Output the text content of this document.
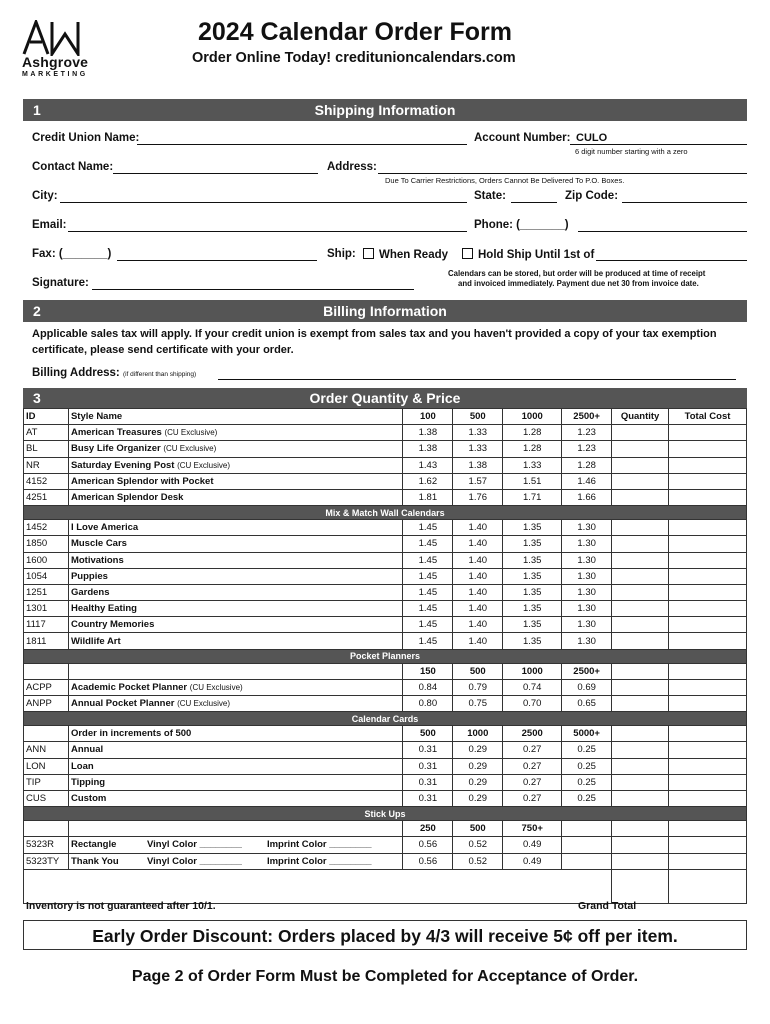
Ashgrove
MARKETING
2024 Calendar Order Form
Order Online Today! creditunioncalendars.com
1	Shipping Information
Credit Union Name:	Account Number: CULO
6 digit number starting with a zero
Contact Name:	Address:
Due To Carrier Restrictions, Orders Cannot Be Delivered To P.O. Boxes.
City:	State:	Zip Code:
Email:	Phone: (_______)
Fax: (_______)	Ship:	When Ready	Hold Ship Until 1st of
Calendars can be stored, but order will be produced at time of receipt
and invoiced immediately. Payment due net 30 from invoice date.
Signature:
2	Billing Information
Applicable sales tax will apply. If your credit union is exempt from sales tax and you haven't provided a copy of your tax exemption
certificate, please send certificate with your order.
Billing Address: (if different than shipping)
3	Order Quantity & Price
ID	Style Name	100	500	1000	2500+	Quantity	Total Cost
AT	American Treasures (CU Exclusive)	1.38	1.33	1.28	1.23		
BL	Busy Life Organizer (CU Exclusive)	1.38	1.33	1.28	1.23		
NR	Saturday Evening Post (CU Exclusive)	1.43	1.38	1.33	1.28		
4152	American Splendor with Pocket	1.62	1.57	1.51	1.46		
4251	American Splendor Desk	1.81	1.76	1.71	1.66		
Mix & Match Wall Calendars							
1452	I Love America	1.45	1.40	1.35	1.30		
1850	Muscle Cars	1.45	1.40	1.35	1.30		
1600	Motivations	1.45	1.40	1.35	1.30		
1054	Puppies	1.45	1.40	1.35	1.30		
1251	Gardens	1.45	1.40	1.35	1.30		
1301	Healthy Eating	1.45	1.40	1.35	1.30		
1117	Country Memories	1.45	1.40	1.35	1.30		
1811	Wildlife Art	1.45	1.40	1.35	1.30		
Pocket Planners							
		150	500	1000	2500+		
ACPP	Academic Pocket Planner (CU Exclusive)	0.84	0.79	0.74	0.69		
ANPP	Annual Pocket Planner (CU Exclusive)	0.80	0.75	0.70	0.65		
Calendar Cards							
	Order in increments of 500	500	1000	2500	5000+		
ANN	Annual	0.31	0.29	0.27	0.25		
LON	Loan	0.31	0.29	0.27	0.25		
TIP	Tipping	0.31	0.29	0.27	0.25		
CUS	Custom	0.31	0.29	0.27	0.25		
Stick Ups							
		250	500	750+			
5323R	Rectangle Vinyl Color ________ Imprint Color ________	0.56	0.52	0.49			
5323TY	Thank You Vinyl Color ________ Imprint Color ________	0.56	0.52	0.49			

Inventory is not guaranteed after 10/1.	Grand Total
Early Order Discount: Orders placed by 4/3 will receive 5¢ off per item.
Page 2 of Order Form Must be Completed for Acceptance of Order.
